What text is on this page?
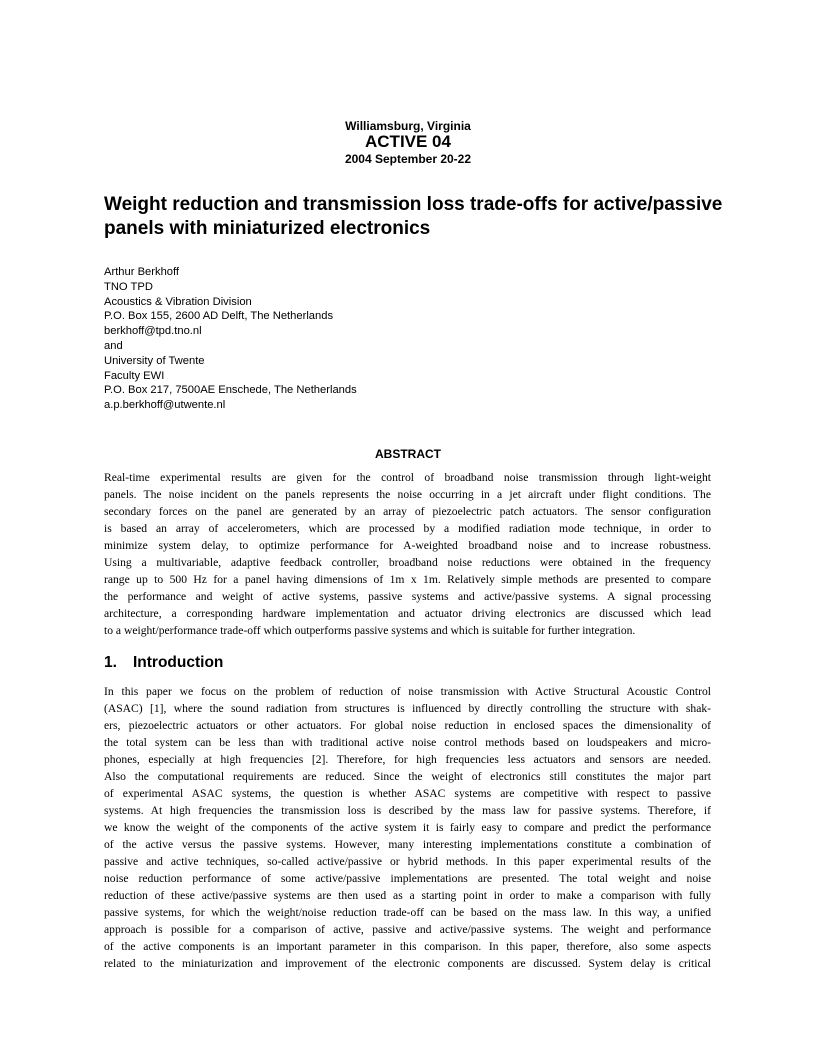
Williamsburg, Virginia
ACTIVE 04
2004 September 20-22
Weight reduction and transmission loss trade-offs for active/passive
panels with miniaturized electronics
Arthur Berkhoff
TNO TPD
Acoustics & Vibration Division
P.O. Box 155, 2600 AD Delft, The Netherlands
berkhoff@tpd.tno.nl
and
University of Twente
Faculty EWI
P.O. Box 217, 7500AE Enschede, The Netherlands
a.p.berkhoff@utwente.nl
ABSTRACT
Real-time experimental results are given for the control of broadband noise transmission through light-weight
panels. The noise incident on the panels represents the noise occurring in a jet aircraft under flight conditions. The
secondary forces on the panel are generated by an array of piezoelectric patch actuators. The sensor configuration
is based an array of accelerometers, which are processed by a modified radiation mode technique, in order to
minimize system delay, to optimize performance for A-weighted broadband noise and to increase robustness.
Using a multivariable, adaptive feedback controller, broadband noise reductions were obtained in the frequency
range up to 500 Hz for a panel having dimensions of 1m x 1m. Relatively simple methods are presented to compare
the performance and weight of active systems, passive systems and active/passive systems. A signal processing
architecture, a corresponding hardware implementation and actuator driving electronics are discussed which lead
to a weight/performance trade-off which outperforms passive systems and which is suitable for further integration.
1. Introduction
In this paper we focus on the problem of reduction of noise transmission with Active Structural Acoustic Control
(ASAC) [1], where the sound radiation from structures is influenced by directly controlling the structure with shak-
ers, piezoelectric actuators or other actuators. For global noise reduction in enclosed spaces the dimensionality of
the total system can be less than with traditional active noise control methods based on loudspeakers and micro-
phones, especially at high frequencies [2]. Therefore, for high frequencies less actuators and sensors are needed.
Also the computational requirements are reduced. Since the weight of electronics still constitutes the major part
of experimental ASAC systems, the question is whether ASAC systems are competitive with respect to passive
systems. At high frequencies the transmission loss is described by the mass law for passive systems. Therefore, if
we know the weight of the components of the active system it is fairly easy to compare and predict the performance
of the active versus the passive systems. However, many interesting implementations constitute a combination of
passive and active techniques, so-called active/passive or hybrid methods. In this paper experimental results of the
noise reduction performance of some active/passive implementations are presented. The total weight and noise
reduction of these active/passive systems are then used as a starting point in order to make a comparison with fully
passive systems, for which the weight/noise reduction trade-off can be based on the mass law. In this way, a unified
approach is possible for a comparison of active, passive and active/passive systems. The weight and performance
of the active components is an important parameter in this comparison. In this paper, therefore, also some aspects
related to the miniaturization and improvement of the electronic components are discussed. System delay is critical
